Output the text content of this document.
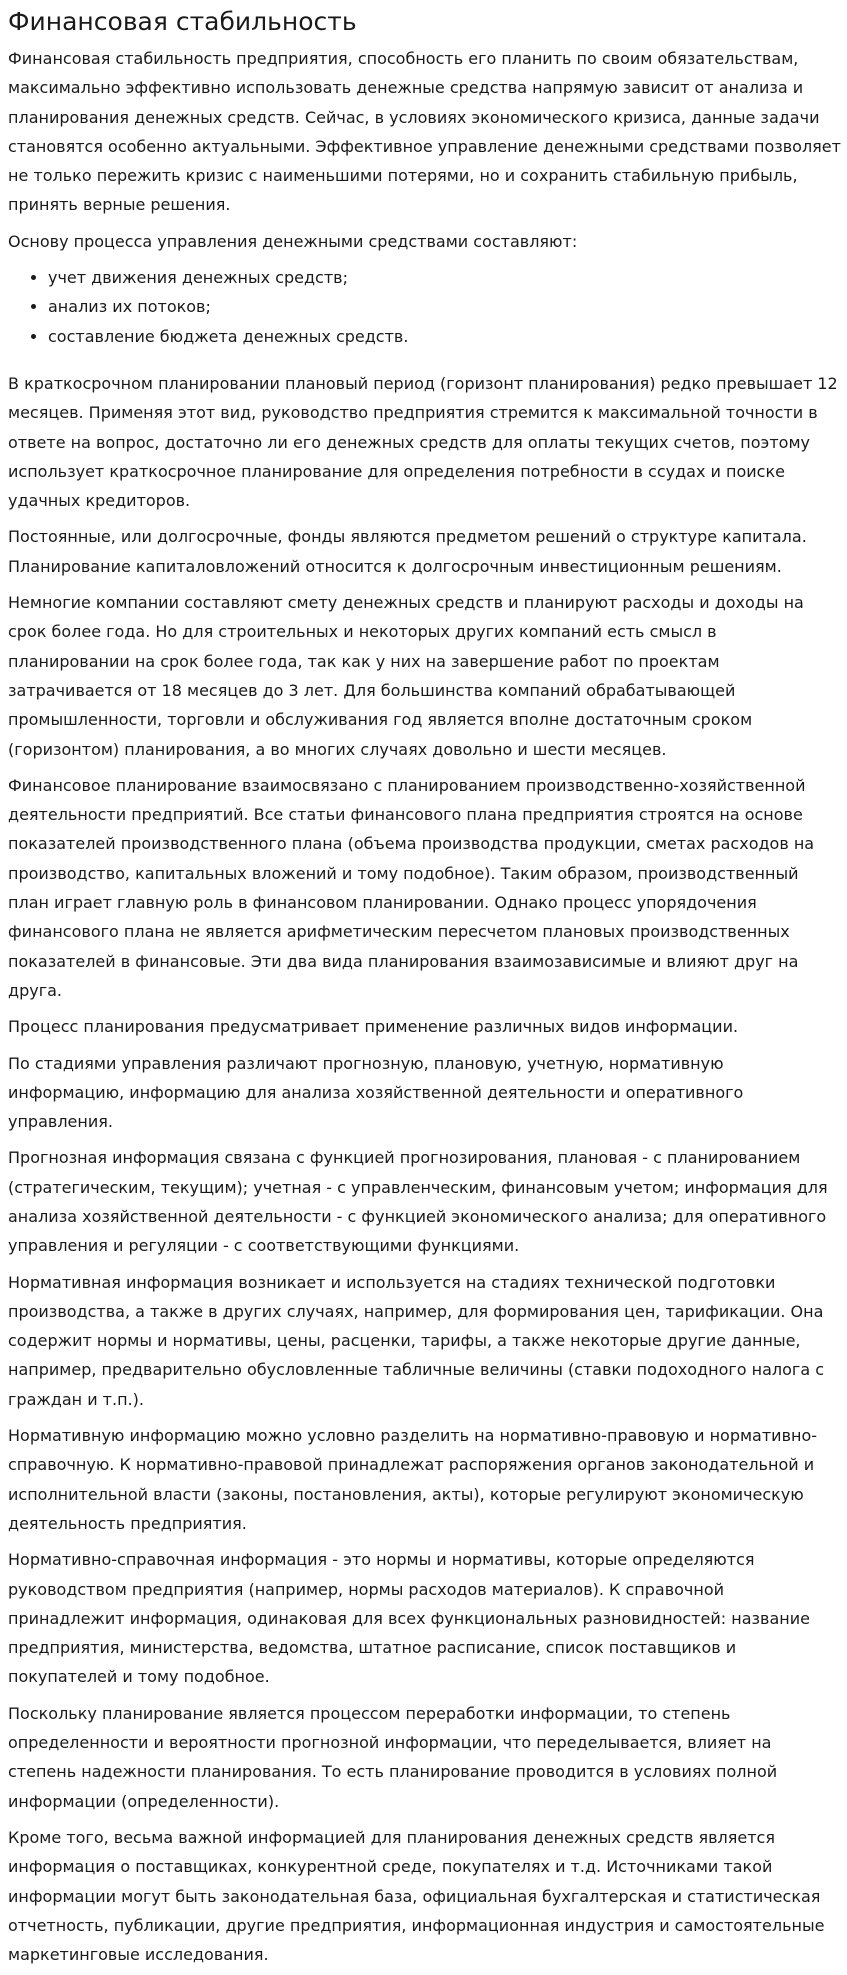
Финансовая стабильность

Финансовая стабильность предприятия, способность его планить по своим обязательствам, максимально эффективно использовать денежные средства напрямую зависит от анализа и планирования денежных средств. Сейчас, в условиях экономического кризиса, данные задачи становятся особенно актуальными. Эффективное управление денежными средствами позволяет не только пережить кризис с наименьшими потерями, но и сохранить стабильную прибыль, принять верные решения.

Основу процесса управления денежными средствами составляют:

• учет движения денежных средств;
• анализ их потоков;
• составление бюджета денежных средств.

В краткосрочном планировании плановый период (горизонт планирования) редко превышает 12 месяцев. Применяя этот вид, руководство предприятия стремится к максимальной точности в ответе на вопрос, достаточно ли его денежных средств для оплаты текущих счетов, поэтому использует краткосрочное планирование для определения потребности в ссудах и поиске удачных кредиторов.

Постоянные, или долгосрочные, фонды являются предметом решений о структуре капитала. Планирование капиталовложений относится к долгосрочным инвестиционным решениям.

Немногие компании составляют смету денежных средств и планируют расходы и доходы на срок более года. Но для строительных и некоторых других компаний есть смысл в планировании на срок более года, так как у них на завершение работ по проектам затрачивается от 18 месяцев до 3 лет. Для большинства компаний обрабатывающей промышленности, торговли и обслуживания год является вполне достаточным сроком (горизонтом) планирования, а во многих случаях довольно и шести месяцев.

Финансовое планирование взаимосвязано с планированием производственно-хозяйственной деятельности предприятий. Все статьи финансового плана предприятия строятся на основе показателей производственного плана (объема производства продукции, сметах расходов на производство, капитальных вложений и тому подобное). Таким образом, производственный план играет главную роль в финансовом планировании. Однако процесс упорядочения финансового плана не является арифметическим пересчетом плановых производственных показателей в финансовые. Эти два вида планирования взаимозависимые и влияют друг на друга.

Процесс планирования предусматривает применение различных видов информации.

По стадиями управления различают прогнозную, плановую, учетную, нормативную информацию, информацию для анализа хозяйственной деятельности и оперативного управления.

Прогнозная информация связана с функцией прогнозирования, плановая - с планированием (стратегическим, текущим); учетная - с управленческим, финансовым учетом; информация для анализа хозяйственной деятельности - с функцией экономического анализа; для оперативного управления и регуляции - с соответствующими функциями.

Нормативная информация возникает и используется на стадиях технической подготовки производства, а также в других случаях, например, для формирования цен, тарификации. Она содержит нормы и нормативы, цены, расценки, тарифы, а также некоторые другие данные, например, предварительно обусловленные табличные величины (ставки подоходного налога с граждан и т.п.).

Нормативную информацию можно условно разделить на нормативно-правовую и нормативно-справочную. К нормативно-правовой принадлежат распоряжения органов законодательной и исполнительной власти (законы, постановления, акты), которые регулируют экономическую деятельность предприятия.

Нормативно-справочная информация - это нормы и нормативы, которые определяются руководством предприятия (например, нормы расходов материалов). К справочной принадлежит информация, одинаковая для всех функциональных разновидностей: название предприятия, министерства, ведомства, штатное расписание, список поставщиков и покупателей и тому подобное.

Поскольку планирование является процессом переработки информации, то степень определенности и вероятности прогнозной информации, что переделывается, влияет на степень надежности планирования. То есть планирование проводится в условиях полной информации (определенности).

Кроме того, весьма важной информацией для планирования денежных средств является информация о поставщиках, конкурентной среде, покупателях и т.д. Источниками такой информации могут быть законодательная база, официальная бухгалтерская и статистическая отчетность, публикации, другие предприятия, информационная индустрия и самостоятельные маркетинговые исследования.
